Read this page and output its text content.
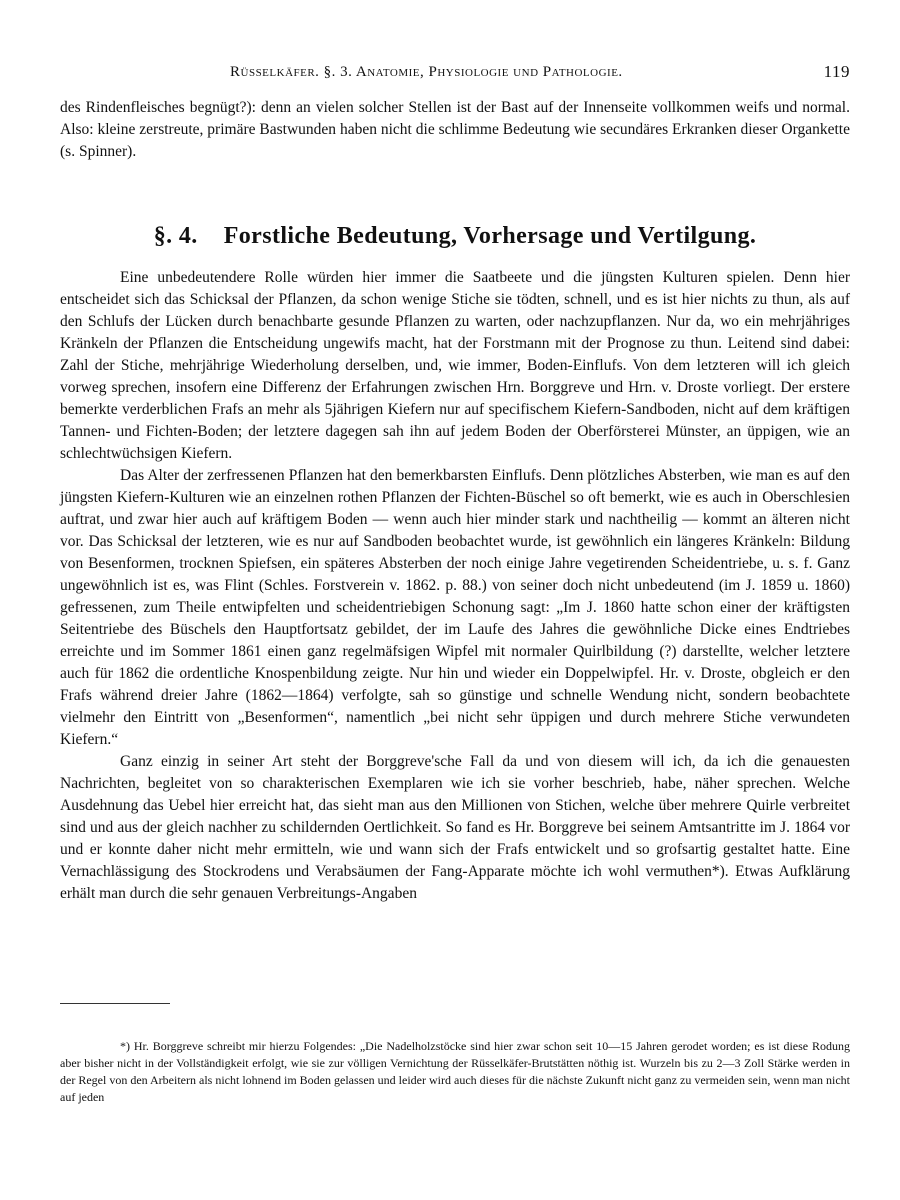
Rüsselkäfer. §. 3. Anatomie, Physiologie und Pathologie.	119

des Rindenfleisches begnügt?): denn an vielen solcher Stellen ist der Bast auf der Innenseite vollkommen weifs und normal. Also: kleine zerstreute, primäre Bastwunden haben nicht die schlimme Bedeutung wie secundäres Erkranken dieser Organkette (s. Spinner).

§. 4. Forstliche Bedeutung, Vorhersage und Vertilgung.

Eine unbedeutendere Rolle würden hier immer die Saatbeete und die jüngsten Kulturen spielen. Denn hier entscheidet sich das Schicksal der Pflanzen, da schon wenige Stiche sie tödten, schnell, und es ist hier nichts zu thun, als auf den Schlufs der Lücken durch benachbarte gesunde Pflanzen zu warten, oder nachzupflanzen. Nur da, wo ein mehrjähriges Kränkeln der Pflanzen die Entscheidung ungewifs macht, hat der Forstmann mit der Prognose zu thun. Leitend sind dabei: Zahl der Stiche, mehrjährige Wiederholung derselben, und, wie immer, Boden-Einflufs. Von dem letzteren will ich gleich vorweg sprechen, insofern eine Differenz der Erfahrungen zwischen Hrn. Borggreve und Hrn. v. Droste vorliegt. Der erstere bemerkte verderblichen Frafs an mehr als 5jährigen Kiefern nur auf specifischem Kiefern-Sandboden, nicht auf dem kräftigen Tannen- und Fichten-Boden; der letztere dagegen sah ihn auf jedem Boden der Oberförsterei Münster, an üppigen, wie an schlechtwüchsigen Kiefern.

Das Alter der zerfressenen Pflanzen hat den bemerkbarsten Einflufs. Denn plötzliches Absterben, wie man es auf den jüngsten Kiefern-Kulturen wie an einzelnen rothen Pflanzen der Fichten-Büschel so oft bemerkt, wie es auch in Oberschlesien auftrat, und zwar hier auch auf kräftigem Boden — wenn auch hier minder stark und nachtheilig — kommt an älteren nicht vor. Das Schicksal der letzteren, wie es nur auf Sandboden beobachtet wurde, ist gewöhnlich ein längeres Kränkeln: Bildung von Besenformen, trocknen Spiefsen, ein späteres Absterben der noch einige Jahre vegetirenden Scheidentriebe, u. s. f. Ganz ungewöhnlich ist es, was Flint (Schles. Forstverein v. 1862. p. 88.) von seiner doch nicht unbedeutend (im J. 1859 u. 1860) gefressenen, zum Theile entwipfelten und scheidentriebigen Schonung sagt: „Im J. 1860 hatte schon einer der kräftigsten Seitentriebe des Büschels den Hauptfortsatz gebildet, der im Laufe des Jahres die gewöhnliche Dicke eines Endtriebes erreichte und im Sommer 1861 einen ganz regelmäfsigen Wipfel mit normaler Quirlbildung (?) darstellte, welcher letztere auch für 1862 die ordentliche Knospenbildung zeigte. Nur hin und wieder ein Doppelwipfel. Hr. v. Droste, obgleich er den Frafs während dreier Jahre (1862—1864) verfolgte, sah so günstige und schnelle Wendung nicht, sondern beobachtete vielmehr den Eintritt von „Besenformen“, namentlich „bei nicht sehr üppigen und durch mehrere Stiche verwundeten Kiefern.“

Ganz einzig in seiner Art steht der Borggreve'sche Fall da und von diesem will ich, da ich die genauesten Nachrichten, begleitet von so charakterischen Exemplaren wie ich sie vorher beschrieb, habe, näher sprechen. Welche Ausdehnung das Uebel hier erreicht hat, das sieht man aus den Millionen von Stichen, welche über mehrere Quirle verbreitet sind und aus der gleich nachher zu schildernden Oertlichkeit. So fand es Hr. Borggreve bei seinem Amtsantritte im J. 1864 vor und er konnte daher nicht mehr ermitteln, wie und wann sich der Frafs entwickelt und so grofsartig gestaltet hatte. Eine Vernachlässigung des Stockrodens und Verabsäumen der Fang-Apparate möchte ich wohl vermuthen*). Etwas Aufklärung erhält man durch die sehr genauen Verbreitungs-Angaben

*) Hr. Borggreve schreibt mir hierzu Folgendes: „Die Nadelholzstöcke sind hier zwar schon seit 10—15 Jahren gerodet worden; es ist diese Rodung aber bisher nicht in der Vollständigkeit erfolgt, wie sie zur völligen Vernichtung der Rüsselkäfer-Brutstätten nöthig ist. Wurzeln bis zu 2—3 Zoll Stärke werden in der Regel von den Arbeitern als nicht lohnend im Boden gelassen und leider wird auch dieses für die nächste Zukunft nicht ganz zu vermeiden sein, wenn man nicht auf jeden
